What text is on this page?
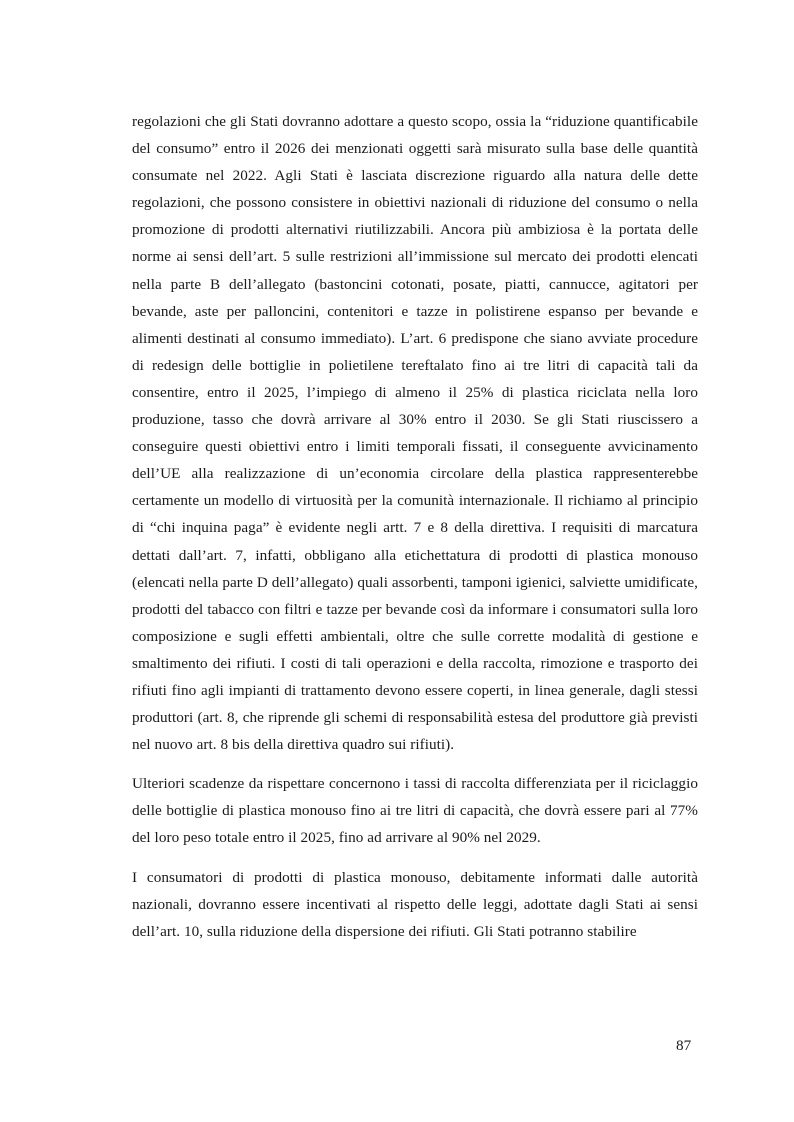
regolazioni che gli Stati dovranno adottare a questo scopo, ossia la “riduzione quantificabile del consumo” entro il 2026 dei menzionati oggetti sarà misurato sulla base delle quantità consumate nel 2022. Agli Stati è lasciata discrezione riguardo alla natura delle dette regolazioni, che possono consistere in obiettivi nazionali di riduzione del consumo o nella promozione di prodotti alternativi riutilizzabili. Ancora più ambiziosa è la portata delle norme ai sensi dell’art. 5 sulle restrizioni all’immissione sul mercato dei prodotti elencati nella parte B dell’allegato (bastoncini cotonati, posate, piatti, cannucce, agitatori per bevande, aste per palloncini, contenitori e tazze in polistirene espanso per bevande e alimenti destinati al consumo immediato). L’art. 6 predispone che siano avviate procedure di redesign delle bottiglie in polietilene tereftalato fino ai tre litri di capacità tali da consentire, entro il 2025, l’impiego di almeno il 25% di plastica riciclata nella loro produzione, tasso che dovrà arrivare al 30% entro il 2030. Se gli Stati riuscissero a conseguire questi obiettivi entro i limiti temporali fissati, il conseguente avvicinamento dell’UE alla realizzazione di un’economia circolare della plastica rappresenterebbe certamente un modello di virtuosità per la comunità internazionale. Il richiamo al principio di “chi inquina paga” è evidente negli artt. 7 e 8 della direttiva. I requisiti di marcatura dettati dall’art. 7, infatti, obbligano alla etichettatura di prodotti di plastica monouso (elencati nella parte D dell’allegato) quali assorbenti, tamponi igienici, salviette umidificate, prodotti del tabacco con filtri e tazze per bevande così da informare i consumatori sulla loro composizione e sugli effetti ambientali, oltre che sulle corrette modalità di gestione e smaltimento dei rifiuti. I costi di tali operazioni e della raccolta, rimozione e trasporto dei rifiuti fino agli impianti di trattamento devono essere coperti, in linea generale, dagli stessi produttori (art. 8, che riprende gli schemi di responsabilità estesa del produttore già previsti nel nuovo art. 8 bis della direttiva quadro sui rifiuti).

Ulteriori scadenze da rispettare concernono i tassi di raccolta differenziata per il riciclaggio delle bottiglie di plastica monouso fino ai tre litri di capacità, che dovrà essere pari al 77% del loro peso totale entro il 2025, fino ad arrivare al 90% nel 2029.

I consumatori di prodotti di plastica monouso, debitamente informati dalle autorità nazionali, dovranno essere incentivati al rispetto delle leggi, adottate dagli Stati ai sensi dell’art. 10, sulla riduzione della dispersione dei rifiuti. Gli Stati potranno stabilire

87
